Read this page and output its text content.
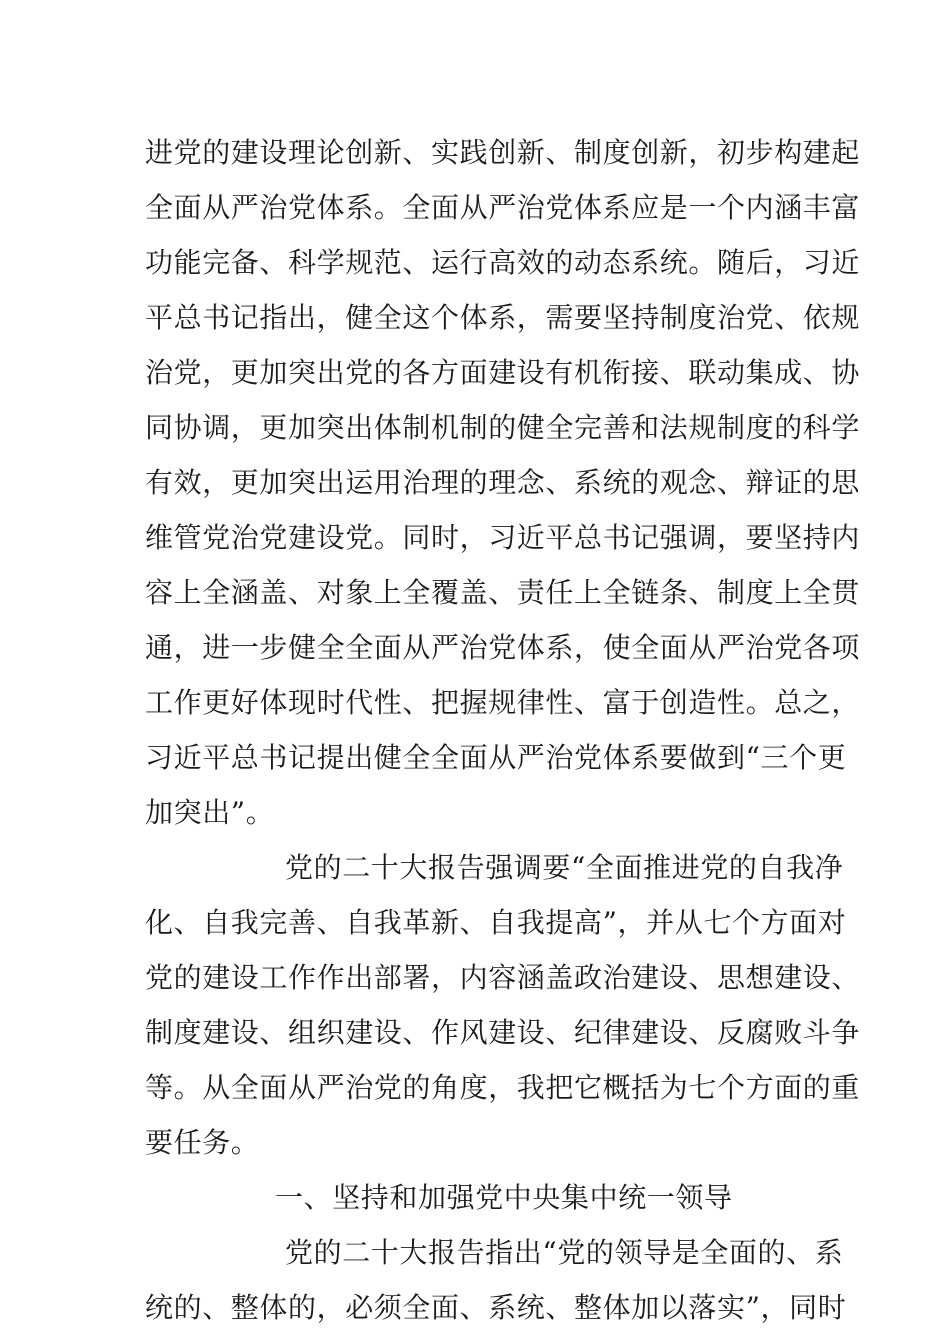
进党的建设理论创新、实践创新、制度创新，初步构建起
全面从严治党体系。全面从严治党体系应是一个内涵丰富
功能完备、科学规范、运行高效的动态系统。随后，习近
平总书记指出，健全这个体系，需要坚持制度治党、依规
治党，更加突出党的各方面建设有机衔接、联动集成、协
同协调，更加突出体制机制的健全完善和法规制度的科学
有效，更加突出运用治理的理念、系统的观念、辩证的思
维管党治党建设党。同时，习近平总书记强调，要坚持内
容上全涵盖、对象上全覆盖、责任上全链条、制度上全贯
通，进一步健全全面从严治党体系，使全面从严治党各项
工作更好体现时代性、把握规律性、富于创造性。总之，
习近平总书记提出健全全面从严治党体系要做到“三个更
加突出”。
党的二十大报告强调要“全面推进党的自我净
化、自我完善、自我革新、自我提高”，并从七个方面对
党的建设工作作出部署，内容涵盖政治建设、思想建设、
制度建设、组织建设、作风建设、纪律建设、反腐败斗争
等。从全面从严治党的角度，我把它概括为七个方面的重
要任务。
一、坚持和加强党中央集中统一领导
党的二十大报告指出“党的领导是全面的、系
统的、整体的，必须全面、系统、整体加以落实”，同时
